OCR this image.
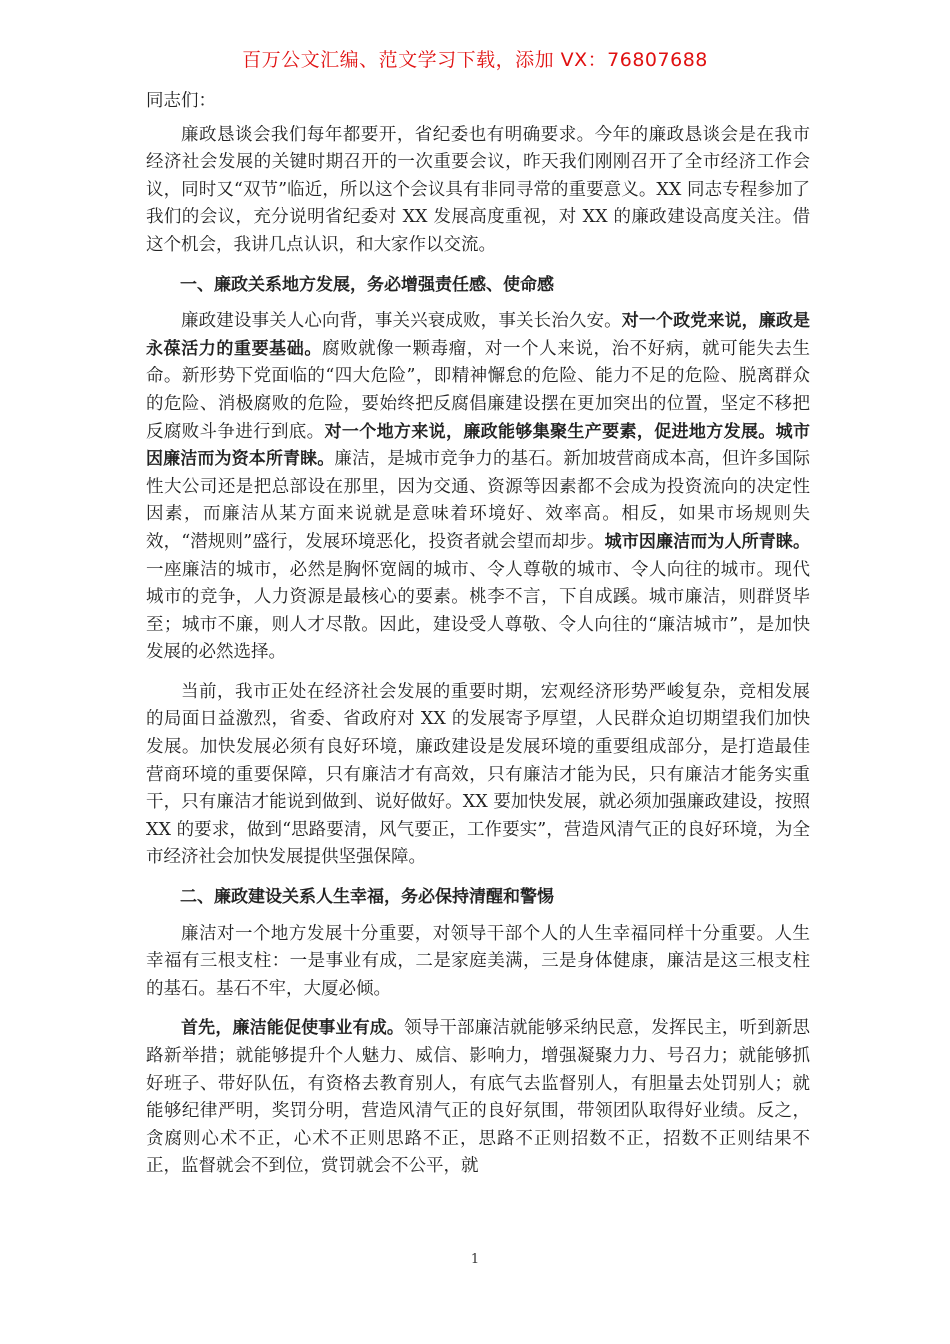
百万公文汇编、范文学习下载，添加 VX：76807688

同志们：

廉政恳谈会我们每年都要开，省纪委也有明确要求。今年的廉政恳谈会是在我市经济社会发展的关键时期召开的一次重要会议，昨天我们刚刚召开了全市经济工作会议，同时又“双节”临近，所以这个会议具有非同寻常的重要意义。XX 同志专程参加了我们的会议，充分说明省纪委对 XX 发展高度重视，对 XX 的廉政建设高度关注。借这个机会，我讲几点认识，和大家作以交流。

一、廉政关系地方发展，务必增强责任感、使命感

廉政建设事关人心向背，事关兴衰成败，事关长治久安。对一个政党来说，廉政是永葆活力的重要基础。腐败就像一颗毒瘤，对一个人来说，治不好病，就可能失去生命。新形势下党面临的“四大危险”，即精神懈怠的危险、能力不足的危险、脱离群众的危险、消极腐败的危险，要始终把反腐倡廉建设摆在更加突出的位置，坚定不移把反腐败斗争进行到底。对一个地方来说，廉政能够集聚生产要素，促进地方发展。城市因廉洁而为资本所青睐。廉洁，是城市竞争力的基石。新加坡营商成本高，但许多国际性大公司还是把总部设在那里，因为交通、资源等因素都不会成为投资流向的决定性因素，而廉洁从某方面来说就是意味着环境好、效率高。相反，如果市场规则失效，“潜规则”盛行，发展环境恶化，投资者就会望而却步。城市因廉洁而为人所青睐。一座廉洁的城市，必然是胸怀宽阔的城市、令人尊敬的城市、令人向往的城市。现代城市的竞争，人力资源是最核心的要素。桃李不言，下自成蹊。城市廉洁，则群贤毕至；城市不廉，则人才尽散。因此，建设受人尊敬、令人向往的“廉洁城市”，是加快发展的必然选择。

当前，我市正处在经济社会发展的重要时期，宏观经济形势严峻复杂，竞相发展的局面日益激烈，省委、省政府对 XX 的发展寄予厚望，人民群众迫切期望我们加快发展。加快发展必须有良好环境，廉政建设是发展环境的重要组成部分，是打造最佳营商环境的重要保障，只有廉洁才有高效，只有廉洁才能为民，只有廉洁才能务实重干，只有廉洁才能说到做到、说好做好。XX 要加快发展，就必须加强廉政建设，按照 XX 的要求，做到“思路要清，风气要正，工作要实”，营造风清气正的良好环境，为全市经济社会加快发展提供坚强保障。

二、廉政建设关系人生幸福，务必保持清醒和警惕

廉洁对一个地方发展十分重要，对领导干部个人的人生幸福同样十分重要。人生幸福有三根支柱：一是事业有成，二是家庭美满，三是身体健康，廉洁是这三根支柱的基石。基石不牢，大厦必倾。

首先，廉洁能促使事业有成。领导干部廉洁就能够采纳民意，发挥民主，听到新思路新举措；就能够提升个人魅力、威信、影响力，增强凝聚力力、号召力；就能够抓好班子、带好队伍，有资格去教育别人，有底气去监督别人，有胆量去处罚别人；就能够纪律严明，奖罚分明，营造风清气正的良好氛围，带领团队取得好业绩。反之，贪腐则心术不正，心术不正则思路不正，思路不正则招数不正，招数不正则结果不正，监督就会不到位，赏罚就会不公平，就

1
